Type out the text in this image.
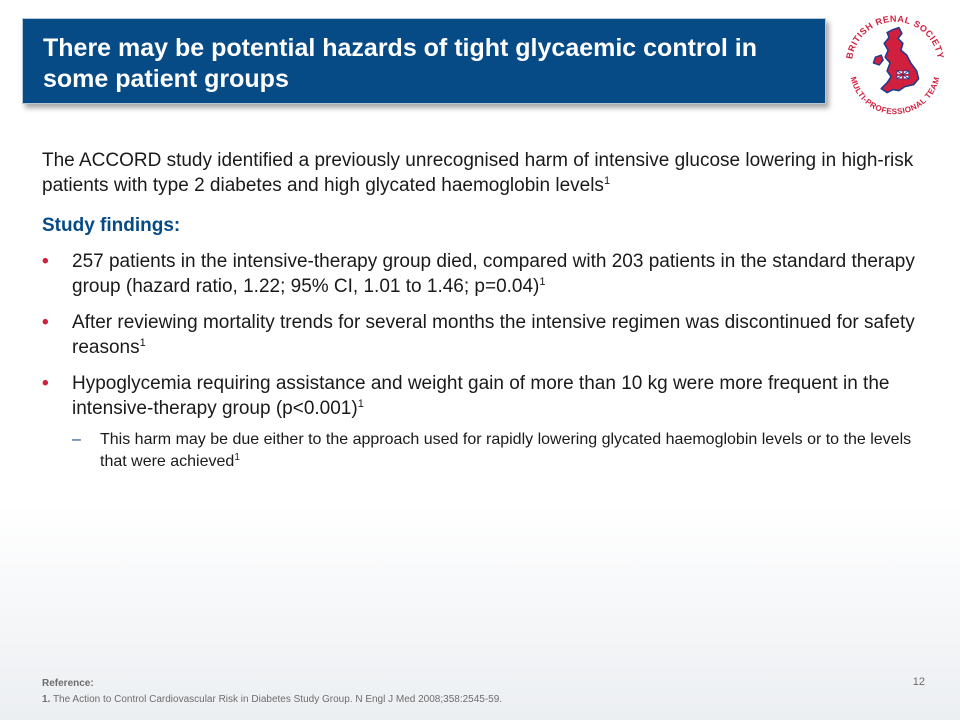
There may be potential hazards of tight glycaemic control in some patient groups
BRITISH RENAL SOCIETY
MULTI-PROFESSIONAL TEAM

The ACCORD study identified a previously unrecognised harm of intensive glucose lowering in high-risk patients with type 2 diabetes and high glycated haemoglobin levels$^1$

Study findings:

• 257 patients in the intensive-therapy group died, compared with 203 patients in the standard therapy group (hazard ratio, 1.22; 95% CI, 1.01 to 1.46; p=0.04)$^1$
• After reviewing mortality trends for several months the intensive regimen was discontinued for safety reasons$^1$
• Hypoglycemia requiring assistance and weight gain of more than 10 kg were more frequent in the intensive-therapy group (p<0.001)$^1$
– This harm may be due either to the approach used for rapidly lowering glycated haemoglobin levels or to the levels that were achieved$^1$
Reference:
1. The Action to Control Cardiovascular Risk in Diabetes Study Group. N Engl J Med 2008;358:2545-59.
12
